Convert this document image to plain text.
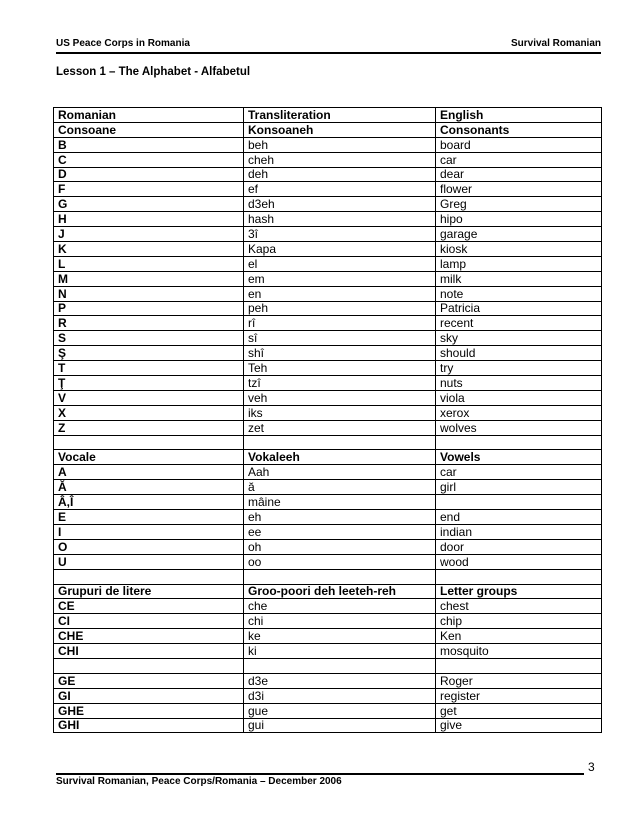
US Peace Corps in Romania	Survival Romanian
Lesson 1 – The Alphabet - Alfabetul
Romanian	Transliteration	English
Consoane	Konsoaneh	Consonants
B	beh	board
C	cheh	car
D	deh	dear
F	ef	flower
G	d3eh	Greg
H	hash	hipo
J	3î	garage
K	Kapa	kiosk
L	el	lamp
M	em	milk
N	en	note
P	peh	Patricia
R	rî	recent
S	sî	sky
Ş	shî	should
T	Teh	try
Ţ	tzî	nuts
V	veh	viola
X	iks	xerox
Z	zet	wolves

Vocale	Vokaleeh	Vowels
A	Aah	car
Ă	ă	girl
Â,Î	mâine	
E	eh	end
I	ee	indian
O	oh	door
U	oo	wood

Grupuri de litere	Groo-poori deh leeteh-reh	Letter groups
CE	che	chest
CI	chi	chip
CHE	ke	Ken
CHI	ki	mosquito

GE	d3e	Roger
GI	d3i	register
GHE	gue	get
GHI	gui	give
3
Survival Romanian, Peace Corps/Romania – December 2006
